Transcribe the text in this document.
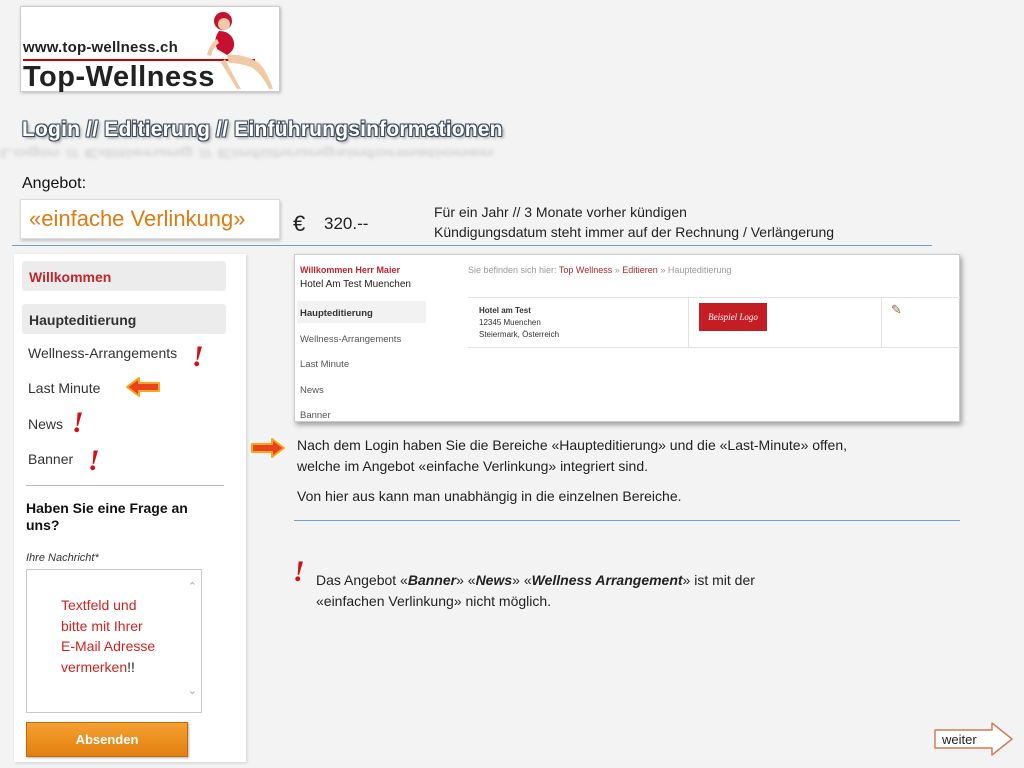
www.top-wellness.ch
Top-Wellness
Login // Editierung // Einführungsinformationen
Login // Editierung // Einführungsinformationen
Angebot:
«einfache Verlinkung»	€ 320.--
Für ein Jahr // 3 Monate vorher kündigen
Kündigungsdatum steht immer auf der Rechnung / Verlängerung
Willkommen
Haupteditierung
Wellness-Arrangements
Last Minute
News
Banner
!
!
!
Haben Sie eine Frage an
uns?
Ihre Nachricht*
Textfeld und
bitte mit Ihrer
E-Mail Adresse
vermerken!!
⌃
⌄
Absenden
Willkommen Herr Maier
Hotel Am Test Muenchen
Sie befinden sich hier: Top Wellness » Editieren » Haupteditierung
Haupteditierung
Wellness-Arrangements
Last Minute
News
Banner
Hotel am Test
12345 Muenchen
Steiermark, Österreich
Beispiel Logo	✎
Nach dem Login haben Sie die Bereiche «Haupteditierung» und die «Last-Minute» offen,
welche im Angebot «einfache Verlinkung» integriert sind.
Von hier aus kann man unabhängig in die einzelnen Bereiche.
! Das Angebot «Banner» «News» «Wellness Arrangement» ist mit der
«einfachen Verlinkung» nicht möglich.
weiter
